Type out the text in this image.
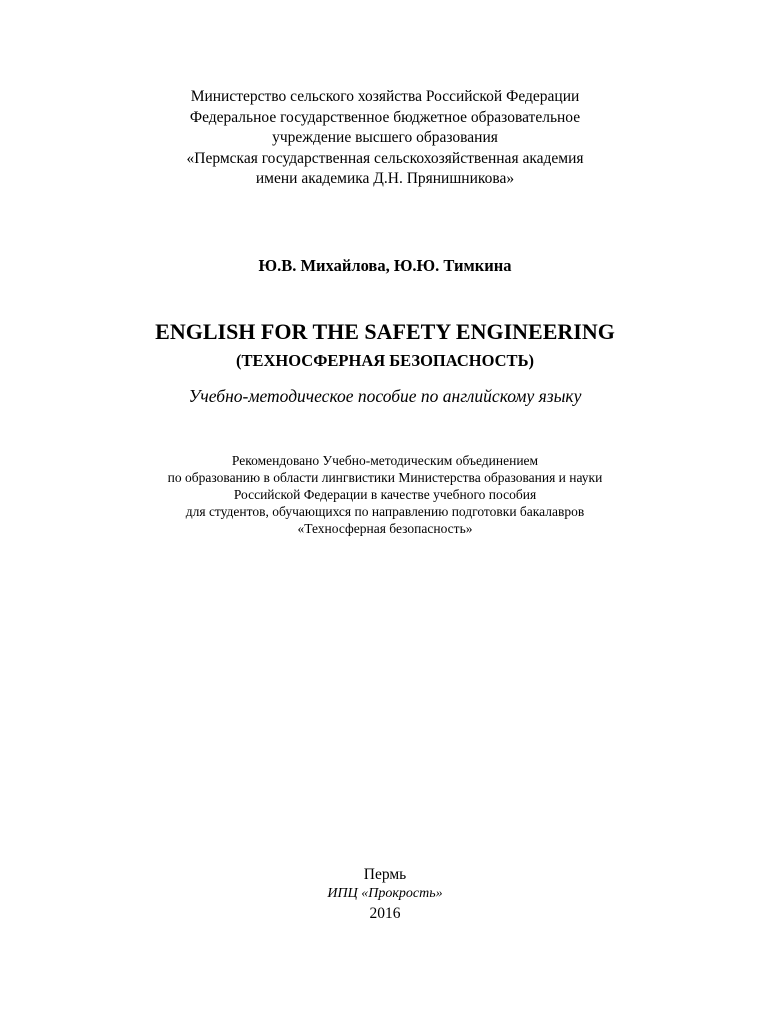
Министерство сельского хозяйства Российской Федерации
Федеральное государственное бюджетное образовательное
учреждение высшего образования
«Пермская государственная сельскохозяйственная академия
имени академика Д.Н. Прянишникова»
Ю.В. Михайлова, Ю.Ю. Тимкина
ENGLISH FOR THE SAFETY ENGINEERING
(ТЕХНОСФЕРНАЯ БЕЗОПАСНОСТЬ)
Учебно-методическое пособие по английскому языку
Рекомендовано Учебно-методическим объединением
по образованию в области лингвистики Министерства образования и науки
Российской Федерации в качестве учебного пособия
для студентов, обучающихся по направлению подготовки бакалавров
«Техносферная безопасность»
Пермь
ИПЦ «Прокрость»
2016
